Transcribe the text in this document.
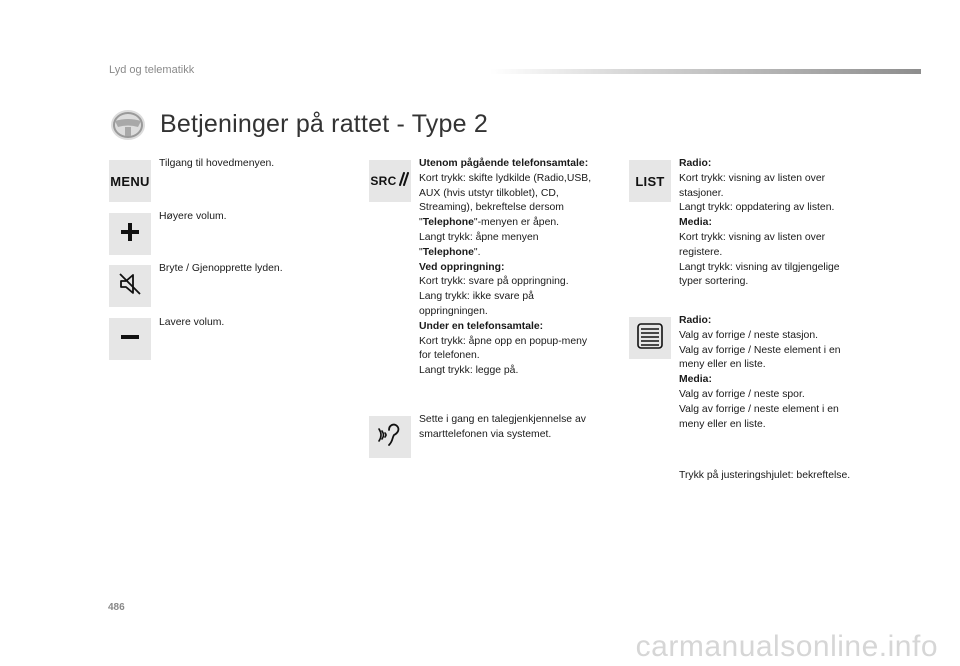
Lyd og telematikk
Betjeninger på rattet - Type 2
MENU
Tilgang til hovedmenyen.
Høyere volum.
Bryte / Gjenopprette lyden.
Lavere volum.
SRC
Utenom pågående telefonsamtale:
Kort trykk: skifte lydkilde (Radio,USB,
AUX (hvis utstyr tilkoblet), CD,
Streaming), bekreftelse dersom
"Telephone"-menyen er åpen.
Langt trykk: åpne menyen
"Telephone".
Ved oppringning:
Kort trykk: svare på oppringning.
Lang trykk: ikke svare på
oppringningen.
Under en telefonsamtale:
Kort trykk: åpne opp en popup-meny
for telefonen.
Langt trykk: legge på.
Sette i gang en talegjenkjennelse av
smarttelefonen via systemet.
LIST
Radio:
Kort trykk: visning av listen over
stasjoner.
Langt trykk: oppdatering av listen.
Media:
Kort trykk: visning av listen over
registere.
Langt trykk: visning av tilgjengelige
typer sortering.
Radio:
Valg av forrige / neste stasjon.
Valg av forrige / Neste element i en
meny eller en liste.
Media:
Valg av forrige / neste spor.
Valg av forrige / neste element i en
meny eller en liste.
Trykk på justeringshjulet: bekreftelse.
486
carmanualsonline.info
